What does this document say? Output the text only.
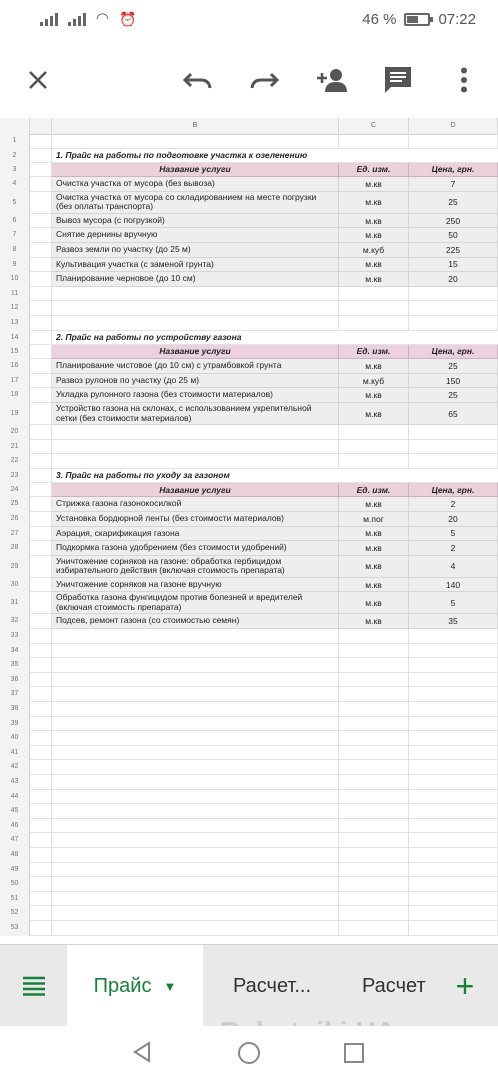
◠ ⏰	46 %	07:22
B	C	D
1
2	1. Прайс на работы по подготовке участка к озеленению
3	Название услуги	Ед. изм.	Цена, грн.
4	Очистка участка от мусора (без вывоза)	м.кв	7
5
Очистка участка от мусора со складированием на месте погрузки (без оплаты транспорта)	м.кв	25
6	Вывоз мусора (с погрузкой)	м.кв	250
7	Снятие дернины вручную	м.кв	50
8	Развоз земли по участку (до 25 м)	м.куб	225
9	Культивация участка (с заменой грунта)	м.кв	15
10	Планирование черновое (до 10 см)	м.кв	20
11
12
13
14	2. Прайс на работы по устройству газона
15	Название услуги	Ед. изм.	Цена, грн.
16	Планирование чистовое (до 10 см) с утрамбовкой грунта	м.кв	25
17	Развоз рулонов по участку (до 25 м)	м.куб	150
18	Укладка рулонного газона (без стоимости материалов)	м.кв	25
19
Устройство газона на склонах, с использованием укрепительной сетки (без стоимости материалов)	м.кв	65
20
21
22
23	3. Прайс на работы по уходу за газоном
24	Название услуги	Ед. изм.	Цена, грн.
25	Стрижка газона газонокосилкой	м.кв	2
26	Установка бордюрной ленты (без стоимости материалов)	м.пог	20
27	Аэрация, скарификация газона	м.кв	5
28	Подкормка газона удобрением (без стоимости удобрений)	м.кв	2
29
Уничтожение сорняков на газоне: обработка гербицидом избирательного действия (включая стоимость препарата)	м.кв	4
30	Уничтожение сорняков на газоне вручную	м.кв	140
31
Обработка газона фунгицидом против болезней и вредителей (включая стоимость препарата)	м.кв	5
32	Подсев, ремонт газона (со стоимостью семян)	м.кв	35
33
34
35
36
37
38
39
40
41
42
43
44
45
46
47
48
49
50
51
52
53
Прайс ▼	Расчет...	Расчет +
